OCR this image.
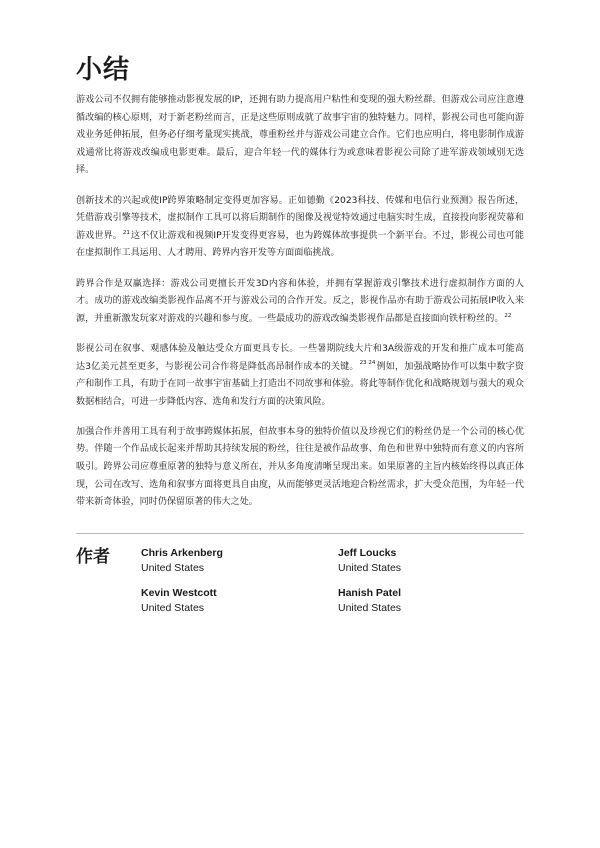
小结

游戏公司不仅拥有能够推动影视发展的IP，还拥有助力提高用户粘性和变现的强大粉丝群。但游戏公司应注意遵循改编的核心原则，对于新老粉丝而言，正是这些原则成就了故事宇宙的独特魅力。同样，影视公司也可能向游戏业务延伸拓展，但务必仔细考量现实挑战，尊重粉丝并与游戏公司建立合作。它们也应明白，将电影制作成游戏通常比将游戏改编成电影更难。最后，迎合年轻一代的媒体行为或意味着影视公司除了进军游戏领域别无选择。

创新技术的兴起或使IP跨界策略制定变得更加容易。正如德勤《2023科技、传媒和电信行业预测》报告所述，凭借游戏引擎等技术，虚拟制作工具可以将后期制作的图像及视觉特效通过电脑实时生成，直接投向影视荧幕和游戏世界。$^{21}$这不仅让游戏和视频IP开发变得更容易，也为跨媒体故事提供一个新平台。不过，影视公司也可能在虚拟制作工具运用、人才聘用、跨界内容开发等方面面临挑战。

跨界合作是双赢选择：游戏公司更擅长开发3D内容和体验，并拥有掌握游戏引擎技术进行虚拟制作方面的人才。成功的游戏改编类影视作品离不开与游戏公司的合作开发。反之，影视作品亦有助于游戏公司拓展IP收入来源，并重新激发玩家对游戏的兴趣和参与度。一些最成功的游戏改编类影视作品都是直接面向铁杆粉丝的。$^{22}$

影视公司在叙事、观感体验及触达受众方面更具专长。一些暑期院线大片和3A级游戏的开发和推广成本可能高达3亿美元甚至更多，与影视公司合作将是降低高昂制作成本的关键。$^{23 24}$例如，加强战略协作可以集中数字资产和制作工具，有助于在同一故事宇宙基础上打造出不同故事和体验。将此等制作优化和战略规划与强大的观众数据相结合，可进一步降低内容、选角和发行方面的决策风险。

加强合作并善用工具有利于故事跨媒体拓展，但故事本身的独特价值以及珍视它们的粉丝仍是一个公司的核心优势。伴随一个作品成长起来并帮助其持续发展的粉丝，往往是被作品故事、角色和世界中独特而有意义的内容所吸引。跨界公司应尊重原著的独特与意义所在，并从多角度清晰呈现出来。如果原著的主旨内核始终得以真正体现，公司在改写、选角和叙事方面将更具自由度，从而能够更灵活地迎合粉丝需求，扩大受众范围，为年轻一代带来新奇体验，同时仍保留原著的伟大之处。

作者	Chris Arkenberg
United States
Jeff Loucks
United States
Kevin Westcott
United States
Hanish Patel
United States
